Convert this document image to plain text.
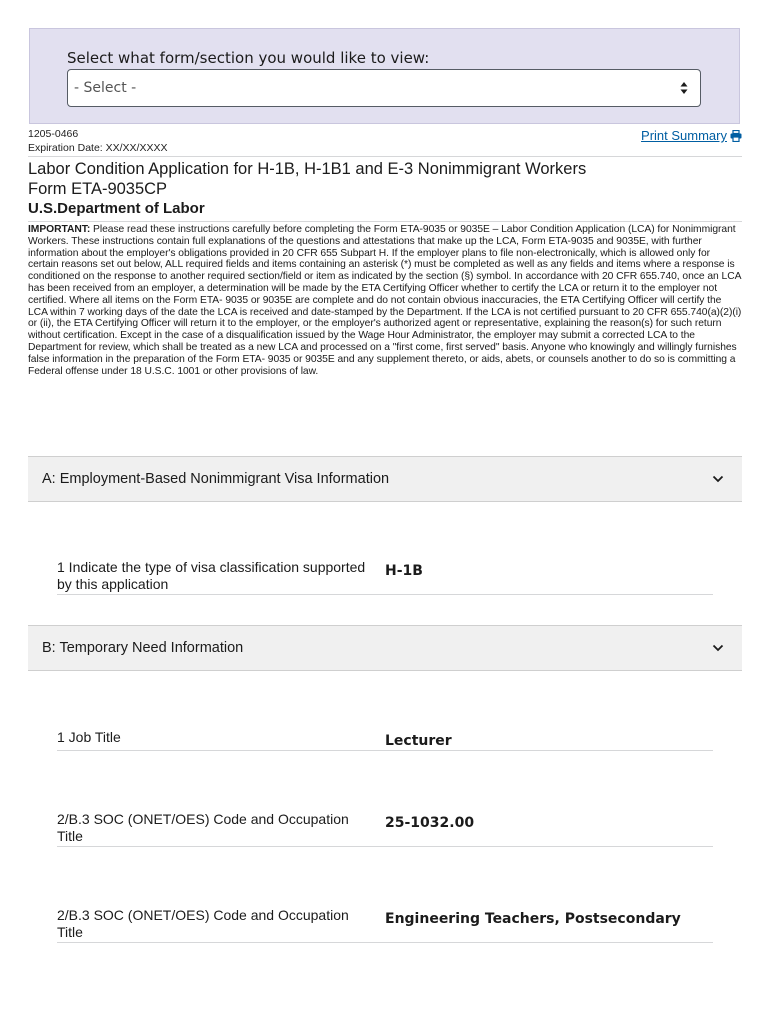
Select what form/section you would like to view:
- Select -
1205-0466
Expiration Date: XX/XX/XXXX
Print Summary
Labor Condition Application for H-1B, H-1B1 and E-3 Nonimmigrant Workers
Form ETA-9035CP
U.S.Department of Labor
IMPORTANT: Please read these instructions carefully before completing the Form ETA-9035 or 9035E – Labor Condition Application (LCA) for Nonimmigrant Workers. These instructions contain full explanations of the questions and attestations that make up the LCA, Form ETA-9035 and 9035E, with further information about the employer's obligations provided in 20 CFR 655 Subpart H. If the employer plans to file non-electronically, which is allowed only for certain reasons set out below, ALL required fields and items containing an asterisk (*) must be completed as well as any fields and items where a response is conditioned on the response to another required section/field or item as indicated by the section (§) symbol. In accordance with 20 CFR 655.740, once an LCA has been received from an employer, a determination will be made by the ETA Certifying Officer whether to certify the LCA or return it to the employer not certified. Where all items on the Form ETA- 9035 or 9035E are complete and do not contain obvious inaccuracies, the ETA Certifying Officer will certify the LCA within 7 working days of the date the LCA is received and date-stamped by the Department. If the LCA is not certified pursuant to 20 CFR 655.740(a)(2)(i) or (ii), the ETA Certifying Officer will return it to the employer, or the employer's authorized agent or representative, explaining the reason(s) for such return without certification. Except in the case of a disqualification issued by the Wage Hour Administrator, the employer may submit a corrected LCA to the Department for review, which shall be treated as a new LCA and processed on a "first come, first served" basis. Anyone who knowingly and willingly furnishes false information in the preparation of the Form ETA- 9035 or 9035E and any supplement thereto, or aids, abets, or counsels another to do so is committing a Federal offense under 18 U.S.C. 1001 or other provisions of law.
A: Employment-Based Nonimmigrant Visa Information
1 Indicate the type of visa classification supported by this application
H-1B
B: Temporary Need Information
1 Job Title	Lecturer
2/B.3 SOC (ONET/OES) Code and Occupation Title
25-1032.00
2/B.3 SOC (ONET/OES) Code and Occupation Title
Engineering Teachers, Postsecondary
